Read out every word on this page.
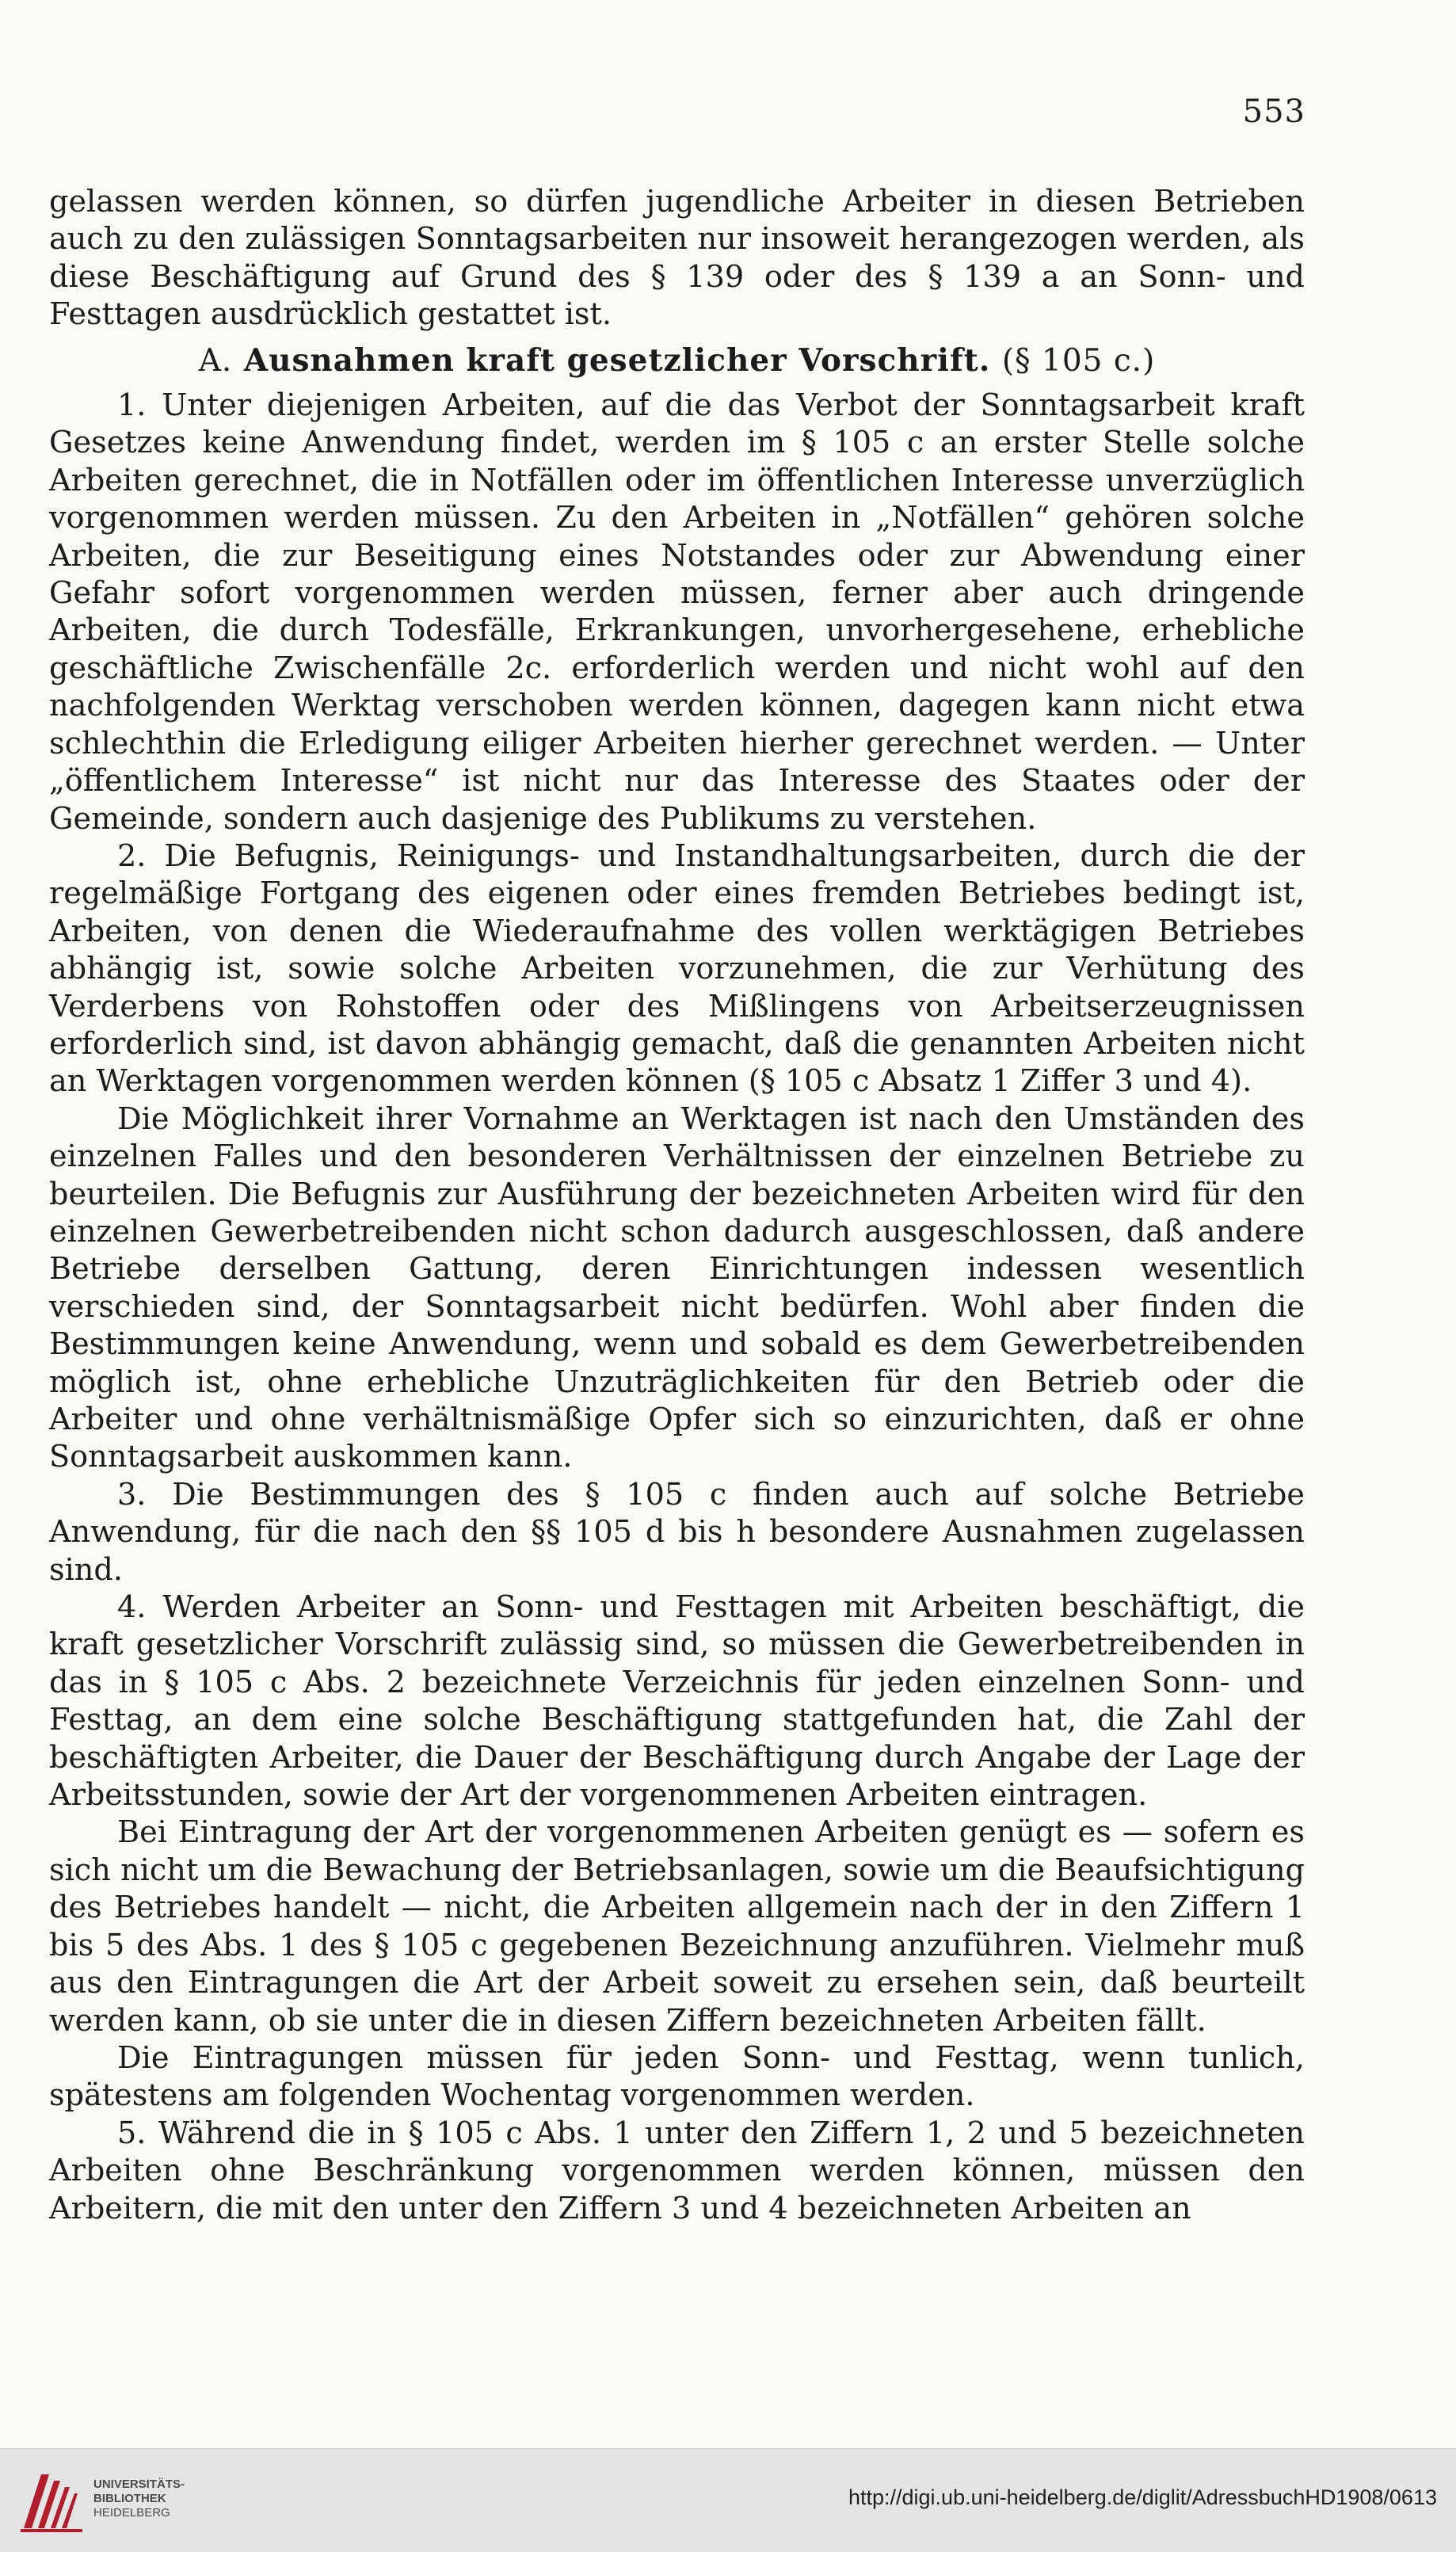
553

gelassen werden können, so dürfen jugendliche Arbeiter in diesen Betrieben auch zu den zulässigen Sonntagsarbeiten nur insoweit herangezogen werden, als diese Beschäftigung auf Grund des § 139 oder des § 139 a an Sonn- und Festtagen ausdrücklich gestattet ist.

A. Ausnahmen kraft gesetzlicher Vorschrift. (§ 105 c.)

1. Unter diejenigen Arbeiten, auf die das Verbot der Sonntagsarbeit kraft Gesetzes keine Anwendung findet, werden im § 105 c an erster Stelle solche Arbeiten gerechnet, die in Notfällen oder im öffentlichen Interesse unverzüglich vorgenommen werden müssen. Zu den Arbeiten in „Notfällen“ gehören solche Arbeiten, die zur Beseitigung eines Notstandes oder zur Abwendung einer Gefahr sofort vorgenommen werden müssen, ferner aber auch dringende Arbeiten, die durch Todesfälle, Erkrankungen, unvorhergesehene, erhebliche geschäftliche Zwischenfälle 2c. erforderlich werden und nicht wohl auf den nachfolgenden Werktag verschoben werden können, dagegen kann nicht etwa schlechthin die Erledigung eiliger Arbeiten hierher gerechnet werden. — Unter „öffentlichem Interesse“ ist nicht nur das Interesse des Staates oder der Gemeinde, sondern auch dasjenige des Publikums zu verstehen.

2. Die Befugnis, Reinigungs- und Instandhaltungsarbeiten, durch die der regelmäßige Fortgang des eigenen oder eines fremden Betriebes bedingt ist, Arbeiten, von denen die Wiederaufnahme des vollen werktägigen Betriebes abhängig ist, sowie solche Arbeiten vorzunehmen, die zur Verhütung des Verderbens von Rohstoffen oder des Mißlingens von Arbeitserzeugnissen erforderlich sind, ist davon abhängig gemacht, daß die genannten Arbeiten nicht an Werktagen vorgenommen werden können (§ 105 c Absatz 1 Ziffer 3 und 4).

Die Möglichkeit ihrer Vornahme an Werktagen ist nach den Umständen des einzelnen Falles und den besonderen Verhältnissen der einzelnen Betriebe zu beurteilen. Die Befugnis zur Ausführung der bezeichneten Arbeiten wird für den einzelnen Gewerbetreibenden nicht schon dadurch ausgeschlossen, daß andere Betriebe derselben Gattung, deren Einrichtungen indessen wesentlich verschieden sind, der Sonntagsarbeit nicht bedürfen. Wohl aber finden die Bestimmungen keine Anwendung, wenn und sobald es dem Gewerbetreibenden möglich ist, ohne erhebliche Unzuträglichkeiten für den Betrieb oder die Arbeiter und ohne verhältnismäßige Opfer sich so einzurichten, daß er ohne Sonntagsarbeit auskommen kann.

3. Die Bestimmungen des § 105 c finden auch auf solche Betriebe Anwendung, für die nach den §§ 105 d bis h besondere Ausnahmen zugelassen sind.

4. Werden Arbeiter an Sonn- und Festtagen mit Arbeiten beschäftigt, die kraft gesetzlicher Vorschrift zulässig sind, so müssen die Gewerbetreibenden in das in § 105 c Abs. 2 bezeichnete Verzeichnis für jeden einzelnen Sonn- und Festtag, an dem eine solche Beschäftigung stattgefunden hat, die Zahl der beschäftigten Arbeiter, die Dauer der Beschäftigung durch Angabe der Lage der Arbeitsstunden, sowie der Art der vorgenommenen Arbeiten eintragen.

Bei Eintragung der Art der vorgenommenen Arbeiten genügt es — sofern es sich nicht um die Bewachung der Betriebsanlagen, sowie um die Beaufsichtigung des Betriebes handelt — nicht, die Arbeiten allgemein nach der in den Ziffern 1 bis 5 des Abs. 1 des § 105 c gegebenen Bezeichnung anzuführen. Vielmehr muß aus den Eintragungen die Art der Arbeit soweit zu ersehen sein, daß beurteilt werden kann, ob sie unter die in diesen Ziffern bezeichneten Arbeiten fällt.

Die Eintragungen müssen für jeden Sonn- und Festtag, wenn tunlich, spätestens am folgenden Wochentag vorgenommen werden.

5. Während die in § 105 c Abs. 1 unter den Ziffern 1, 2 und 5 bezeichneten Arbeiten ohne Beschränkung vorgenommen werden können, müssen den Arbeitern, die mit den unter den Ziffern 3 und 4 bezeichneten Arbeiten an

UNIVERSITÄTS-
BIBLIOTHEK
HEIDELBERG
http://digi.ub.uni-heidelberg.de/diglit/AdressbuchHD1908/0613
